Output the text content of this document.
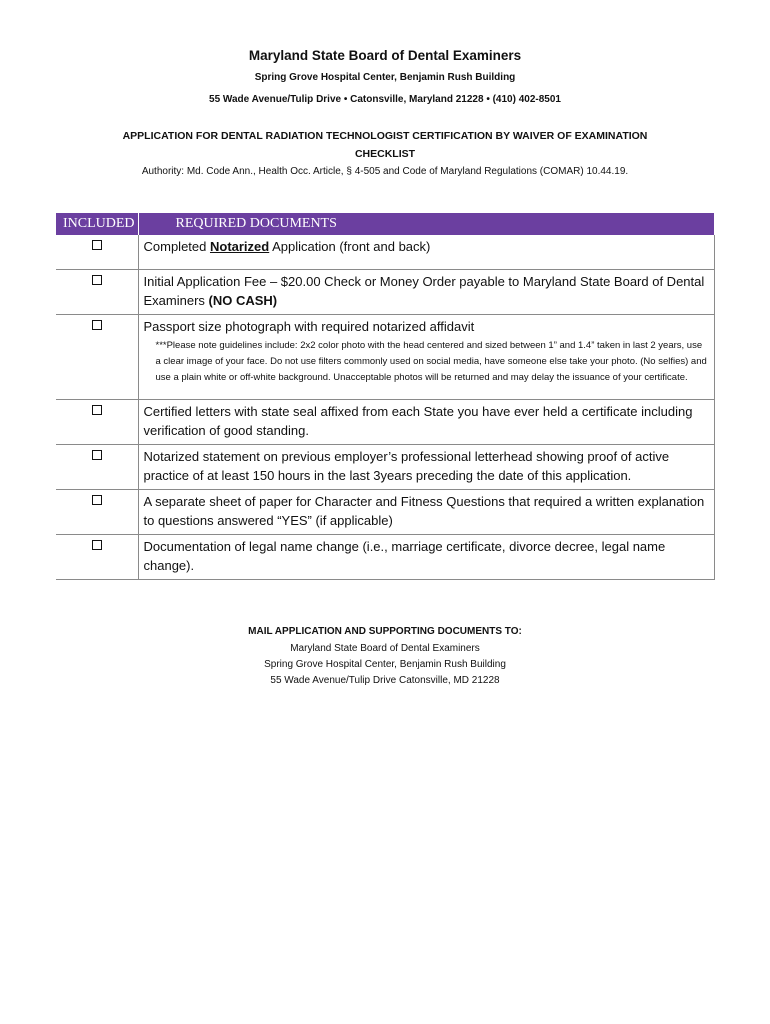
Maryland State Board of Dental Examiners
Spring Grove Hospital Center, Benjamin Rush Building
55 Wade Avenue/Tulip Drive • Catonsville, Maryland 21228 • (410) 402-8501
APPLICATION FOR DENTAL RADIATION TECHNOLOGIST CERTIFICATION BY WAIVER OF EXAMINATION
CHECKLIST
Authority: Md. Code Ann., Health Occ. Article, § 4-505 and Code of Maryland Regulations (COMAR) 10.44.19.
INCLUDED	REQUIRED DOCUMENTS
	Completed Notarized Application (front and back)
	Initial Application Fee – $20.00 Check or Money Order payable to Maryland State Board of Dental Examiners (NO CASH)

	Passport size photograph with required notarized affidavit
***Please note guidelines include: 2x2 color photo with the head centered and sized between 1” and 1.4” taken in last 2 years, use a clear image of your face. Do not use filters commonly used on social media, have someone else take your photo. (No selfies) and use a plain white or off-white background. Unacceptable photos will be returned and may delay the issuance of your certificate.

	Certified letters with state seal affixed from each State you have ever held a certificate including verification of good standing.
	Notarized statement on previous employer’s professional letterhead showing proof of active practice of at least 150 hours in the last 3years preceding the date of this application.
	A separate sheet of paper for Character and Fitness Questions that required a written explanation to questions answered “YES” (if applicable)
	Documentation of legal name change (i.e., marriage certificate, divorce decree, legal name change).
MAIL APPLICATION AND SUPPORTING DOCUMENTS TO:
Maryland State Board of Dental Examiners
Spring Grove Hospital Center, Benjamin Rush Building
55 Wade Avenue/Tulip Drive Catonsville, MD 21228
